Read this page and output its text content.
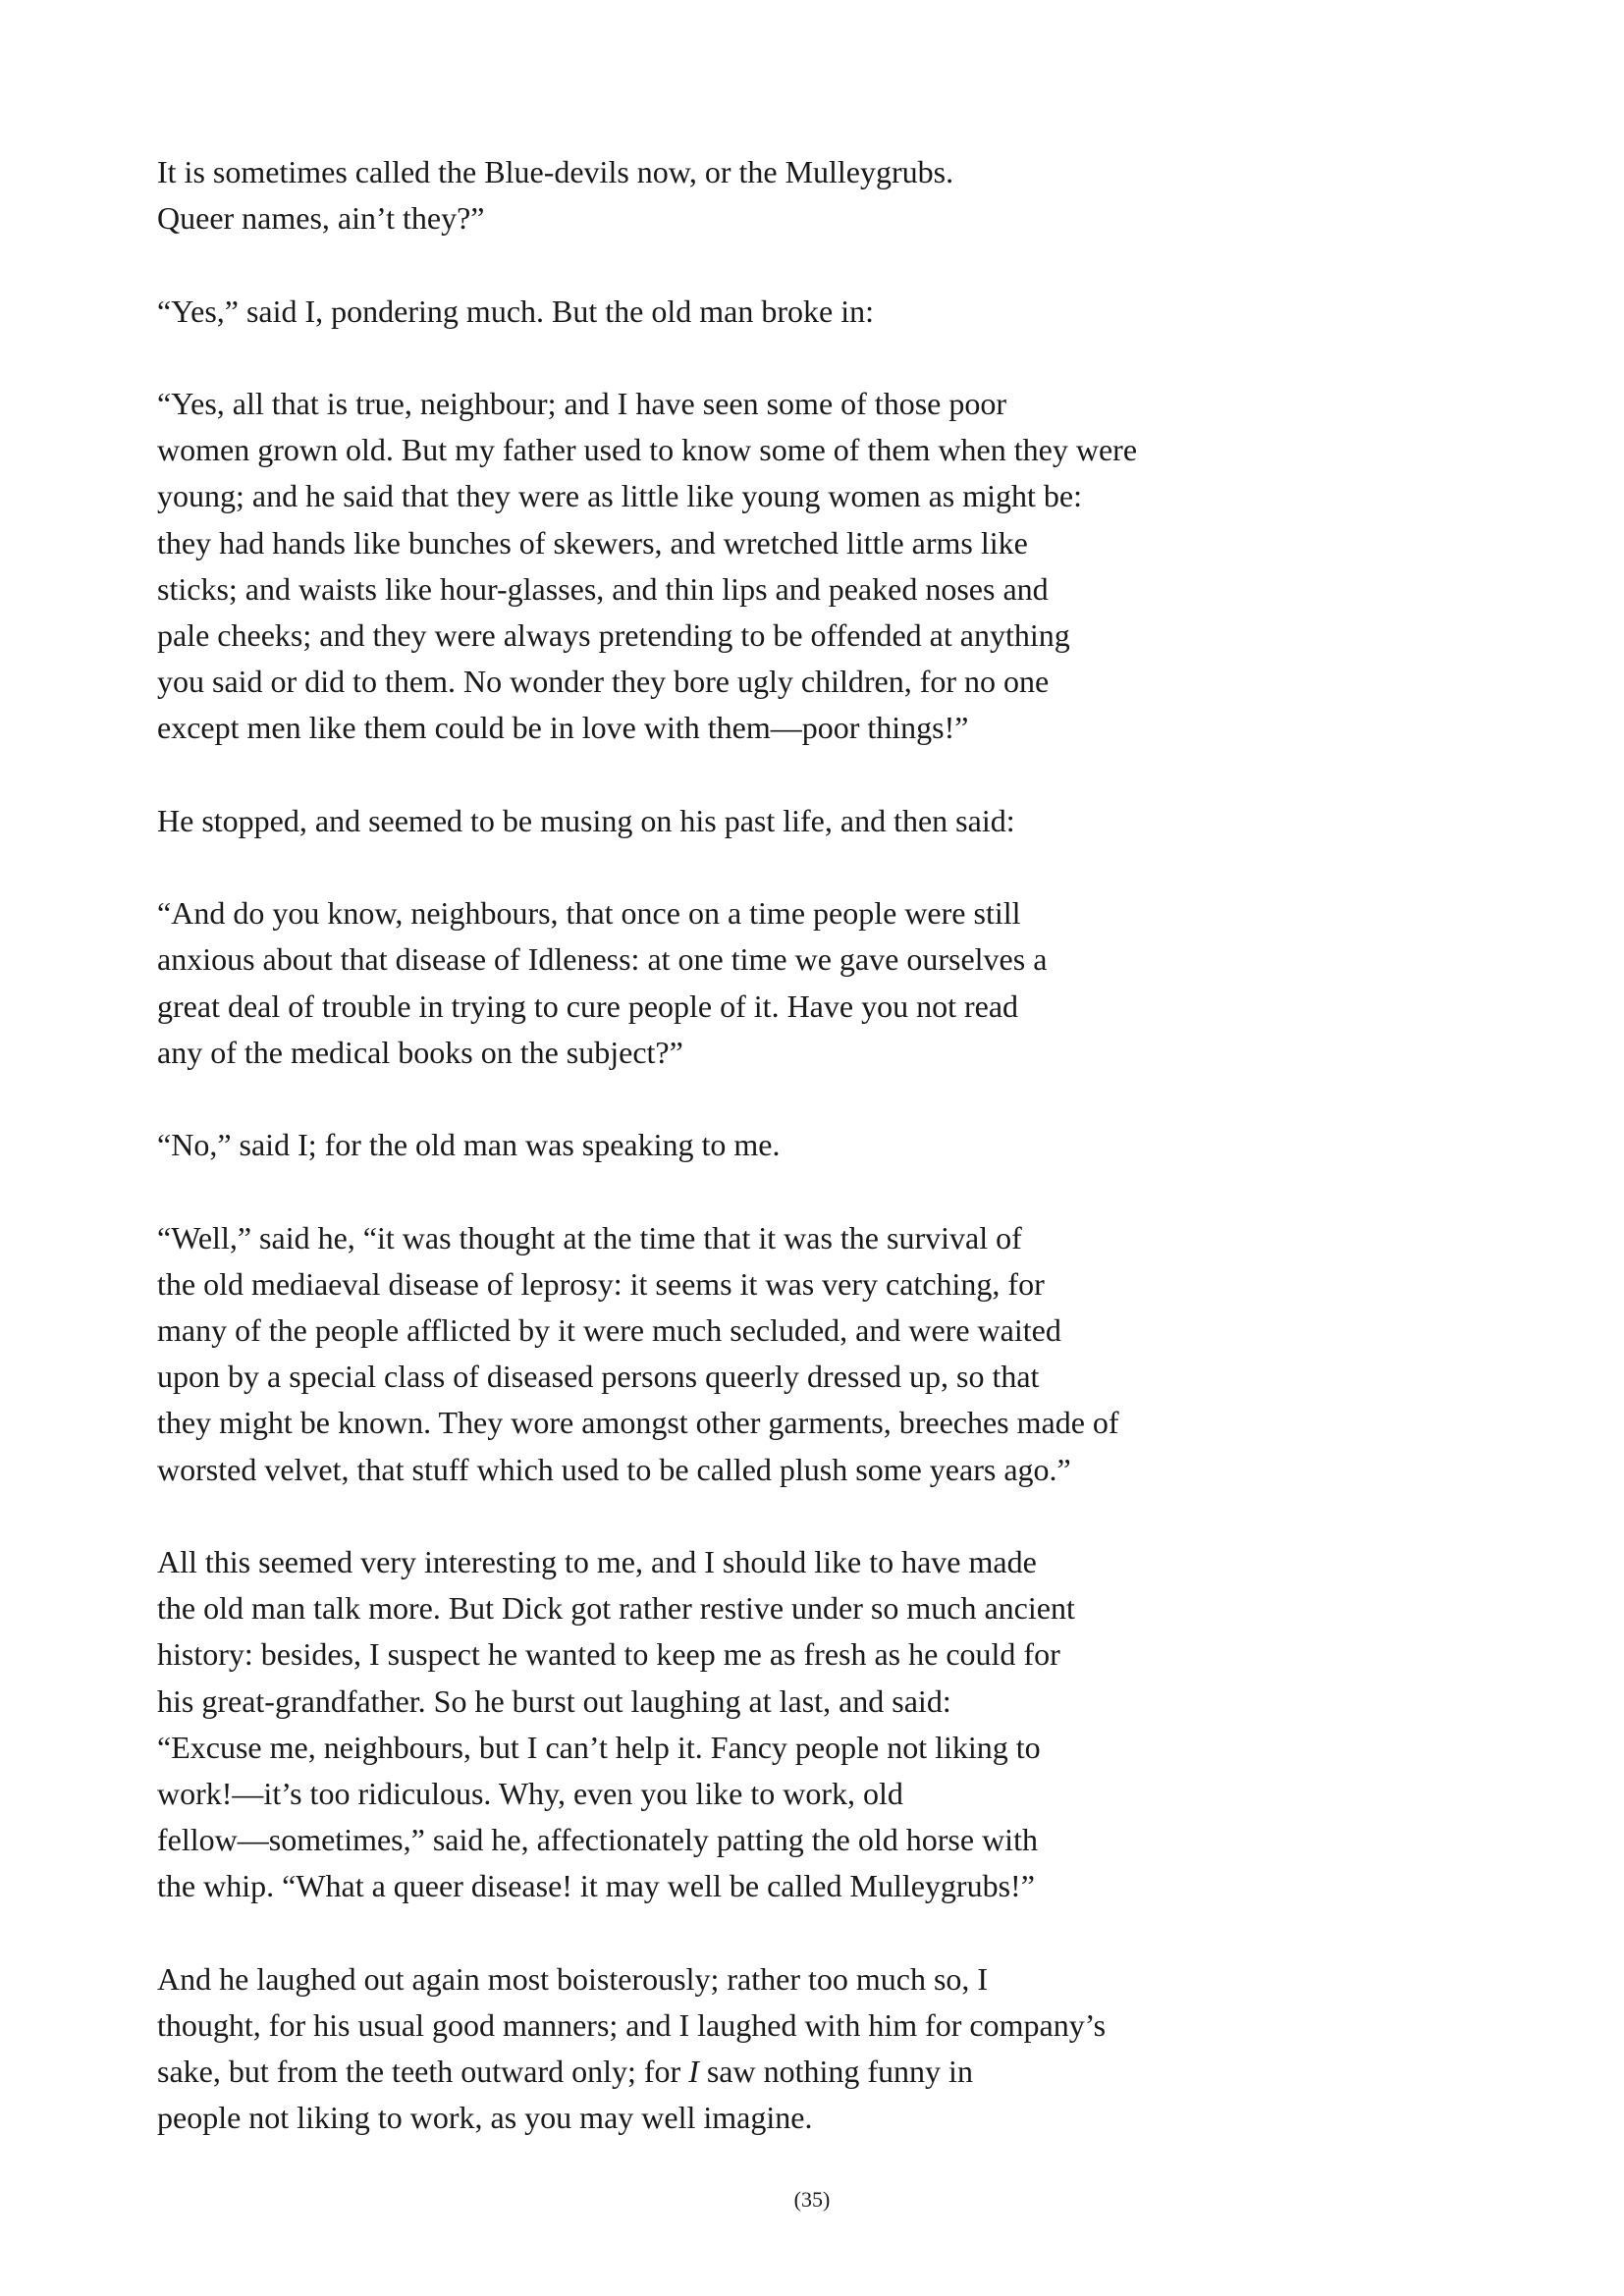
It is sometimes called the Blue-devils now, or the Mulleygrubs.
Queer names, ain’t they?”

“Yes,” said I, pondering much. But the old man broke in:

“Yes, all that is true, neighbour; and I have seen some of those poor
women grown old. But my father used to know some of them when they were
young; and he said that they were as little like young women as might be:
they had hands like bunches of skewers, and wretched little arms like
sticks; and waists like hour-glasses, and thin lips and peaked noses and
pale cheeks; and they were always pretending to be offended at anything
you said or did to them. No wonder they bore ugly children, for no one
except men like them could be in love with them—poor things!”

He stopped, and seemed to be musing on his past life, and then said:

“And do you know, neighbours, that once on a time people were still
anxious about that disease of Idleness: at one time we gave ourselves a
great deal of trouble in trying to cure people of it. Have you not read
any of the medical books on the subject?”

“No,” said I; for the old man was speaking to me.

“Well,” said he, “it was thought at the time that it was the survival of
the old mediaeval disease of leprosy: it seems it was very catching, for
many of the people afflicted by it were much secluded, and were waited
upon by a special class of diseased persons queerly dressed up, so that
they might be known. They wore amongst other garments, breeches made of
worsted velvet, that stuff which used to be called plush some years ago.”

All this seemed very interesting to me, and I should like to have made
the old man talk more. But Dick got rather restive under so much ancient
history: besides, I suspect he wanted to keep me as fresh as he could for
his great-grandfather. So he burst out laughing at last, and said:
“Excuse me, neighbours, but I can’t help it. Fancy people not liking to
work!—it’s too ridiculous. Why, even you like to work, old
fellow—sometimes,” said he, affectionately patting the old horse with
the whip. “What a queer disease! it may well be called Mulleygrubs!”

And he laughed out again most boisterously; rather too much so, I
thought, for his usual good manners; and I laughed with him for company’s
sake, but from the teeth outward only; for I saw nothing funny in
people not liking to work, as you may well imagine.

(35)
